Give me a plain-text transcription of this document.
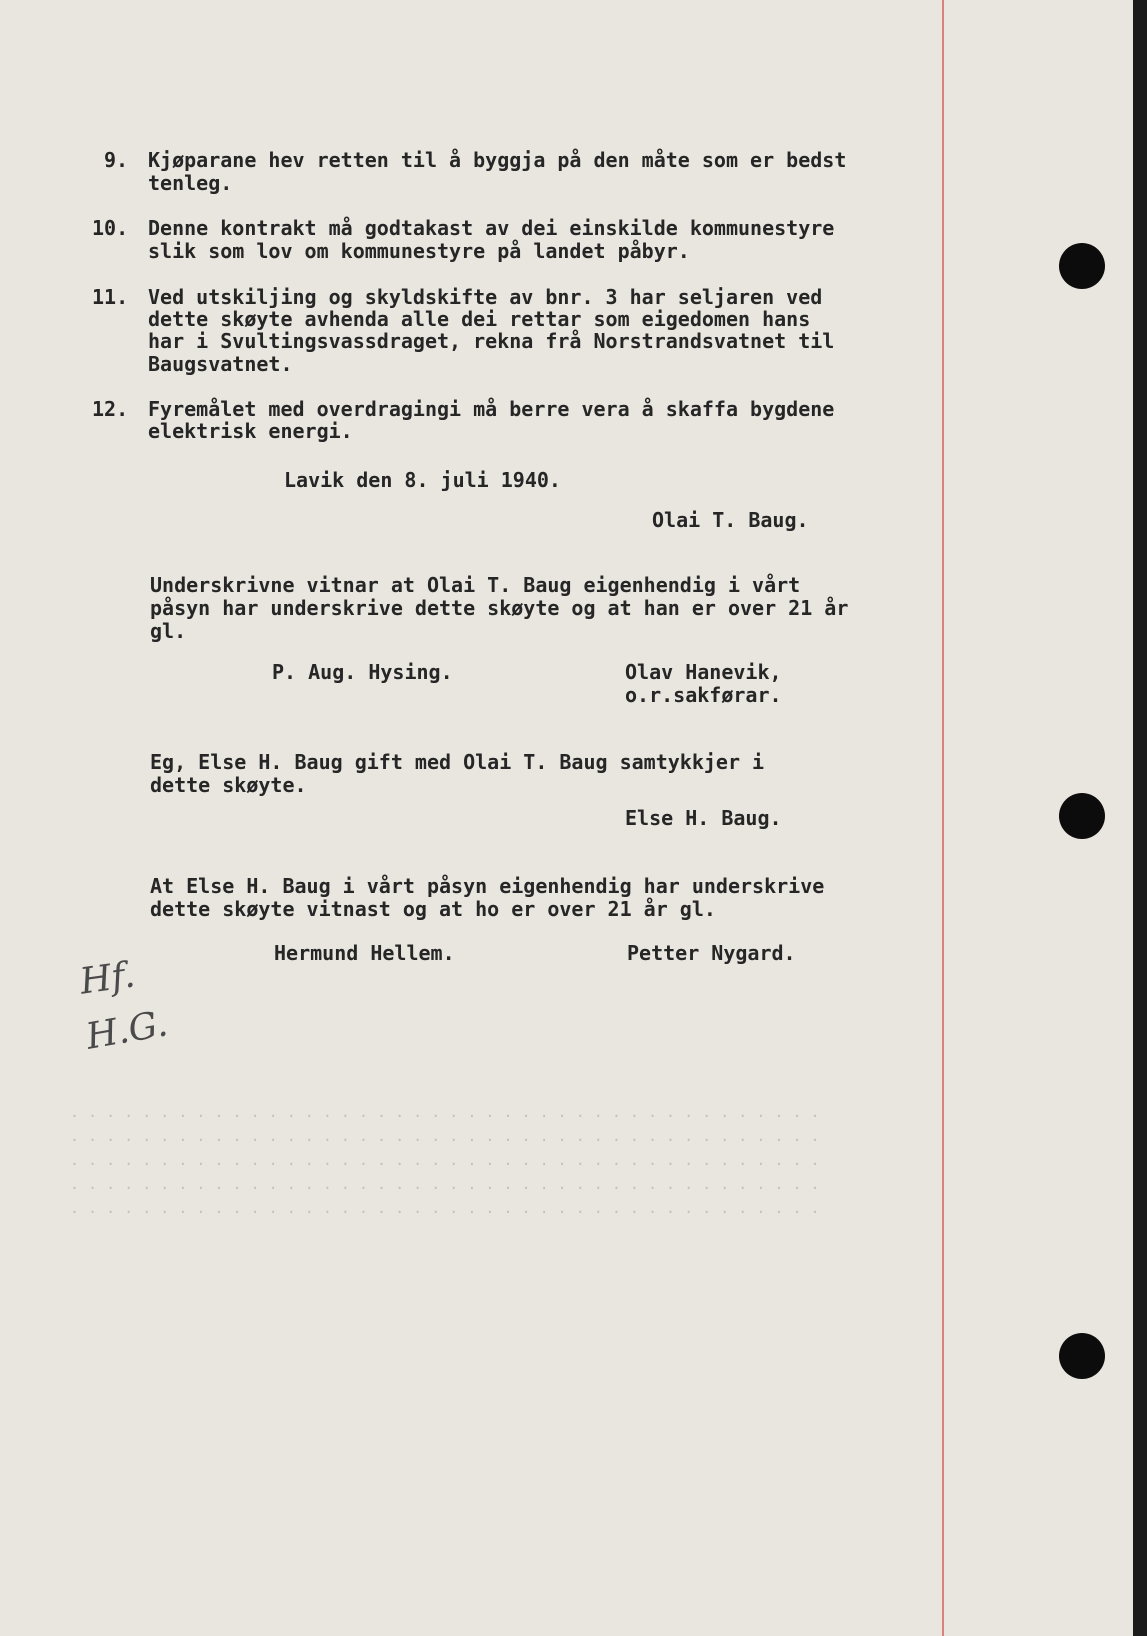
. . . . . . . . . . . . . . . . . . . . . . . . . . . . . . . . . . . . . . . . . .
. . . . . . . . . . . . . . . . . . . . . . . . . . . . . . . . . . . . . . . . . .
. . . . . . . . . . . . . . . . . . . . . . . . . . . . . . . . . . . . . . . . . .
. . . . . . . . . . . . . . . . . . . . . . . . . . . . . . . . . . . . . . . . . .
. . . . . . . . . . . . . . . . . . . . . . . . . . . . . . . . . . . . . . . . . .
9. Kjøparane hev retten til å byggja på den måte som er bedst
tenleg.
10. Denne kontrakt må godtakast av dei einskilde kommunestyre
slik som lov om kommunestyre på landet påbyr.
11. Ved utskiljing og skyldskifte av bnr. 3 har seljaren ved
dette skøyte avhenda alle dei rettar som eigedomen hans
har i Svultingsvassdraget, rekna frå Norstrandsvatnet til
Baugsvatnet.
12. Fyremålet med overdragingi må berre vera å skaffa bygdene
elektrisk energi.
Lavik den 8. juli 1940.
Olai T. Baug.
Underskrivne vitnar at Olai T. Baug eigenhendig i vårt
påsyn har underskrive dette skøyte og at han er over 21 år
gl.
P. Aug. Hysing.	Olav Hanevik,
o.r.sakførar.
Eg, Else H. Baug gift med Olai T. Baug samtykkjer i
dette skøyte.
Else H. Baug.
At Else H. Baug i vårt påsyn eigenhendig har underskrive
dette skøyte vitnast og at ho er over 21 år gl.
Hermund Hellem.	Petter Nygard.
Hf.
H.G.
